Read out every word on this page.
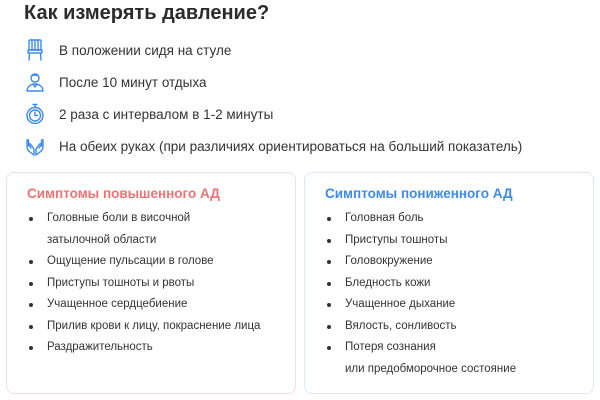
Как измерять давление?
В положении сидя на стуле
После 10 минут отдыха
2 раза с интервалом в 1-2 минуты
На обеих руках (при различиях ориентироваться на больший показатель)
Симптомы повышенного АД
Головные боли в височной
затылочной области
Ощущение пульсации в голове
Приступы тошноты и рвоты
Учащенное сердцебиение
Прилив крови к лицу, покраснение лица
Раздражительность
Симптомы пониженного АД
Головная боль
Приступы тошноты
Головокружение
Бледность кожи
Учащенное дыхание
Вялость, сонливость
Потеря сознания
или предобморочное состояние
